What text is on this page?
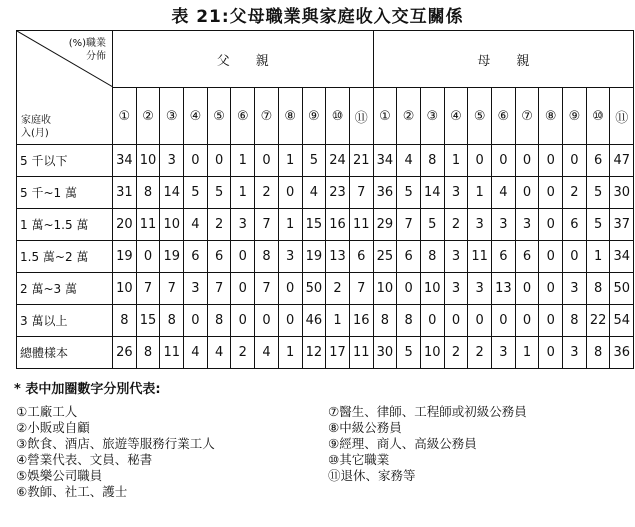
表 21:父母職業與家庭收入交互關係
(%)職業
分佈
家庭收
入(月)	父　　親											母　　親										
	①	②	③	④	⑤	⑥	⑦	⑧	⑨	⑩	⑪	①	②	③	④	⑤	⑥	⑦	⑧	⑨	⑩	⑪
5 千以下	34	10	3	0	0	1	0	1	5	24	21	34	4	8	1	0	0	0	0	0	6	47
5 千~1 萬	31	8	14	5	5	1	2	0	4	23	7	36	5	14	3	1	4	0	0	2	5	30
1 萬~1.5 萬	20	11	10	4	2	3	7	1	15	16	11	29	7	5	2	3	3	3	0	6	5	37
1.5 萬~2 萬	19	0	19	6	6	0	8	3	19	13	6	25	6	8	3	11	6	6	0	0	1	34
2 萬~3 萬	10	7	7	3	7	0	7	0	50	2	7	10	0	10	3	3	13	0	0	3	8	50
3 萬以上	8	15	8	0	8	0	0	0	46	1	16	8	8	0	0	0	0	0	0	8	22	54
總體樣本	26	8	11	4	4	2	4	1	12	17	11	30	5	10	2	2	3	1	0	3	8	36
* 表中加圈數字分別代表:
①工廠工人
②小販或自顧
③飲食、酒店、旅遊等服務行業工人
④營業代表、文員、秘書
⑤娛樂公司職員
⑥教師、社工、護士
⑦醫生、律師、工程師或初級公務員
⑧中級公務員
⑨經理、商人、高級公務員
⑩其它職業
⑪退休、家務等
